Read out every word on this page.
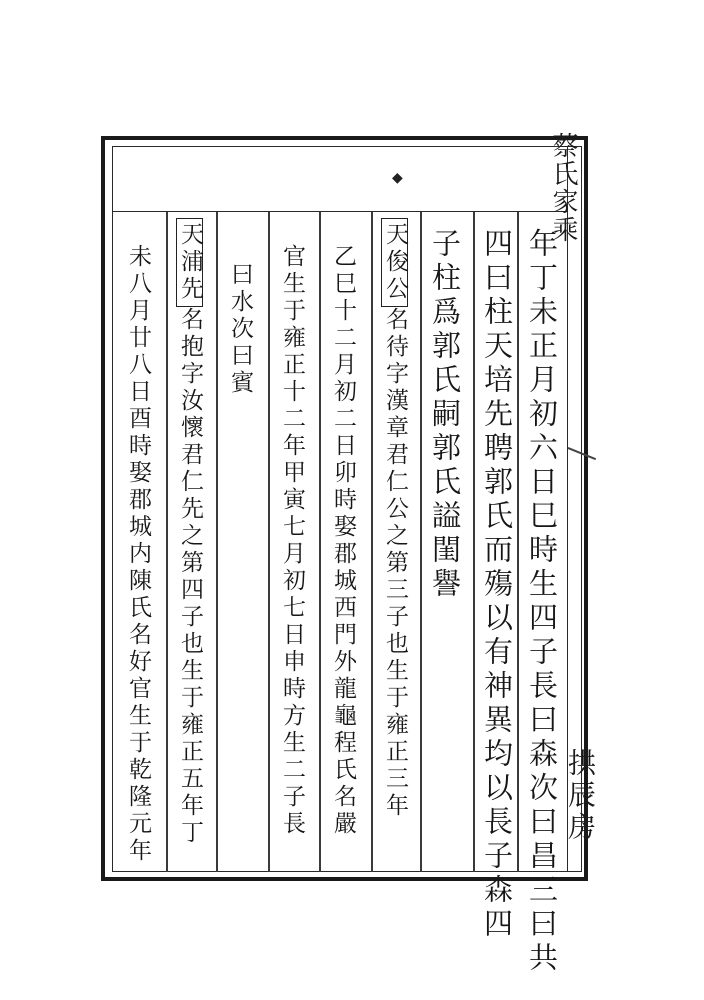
◆	蔡氏家乘
拱辰房
年丁未正月初六日巳時生四子長曰森次曰昌三曰共
四曰柱天培先聘郭氏而殤以有神異均以長子森四
子柱爲郭氏嗣郭氏謚閨譽
天俊公名待字漢章君仁公之第三子也生于雍正三年
乙巳十二月初二日卯時娶郡城西門外龍龜程氏名嚴
官生于雍正十二年甲寅七月初七日申時方生二子長
曰水次曰賓
天浦先名抱字汝懷君仁先之第四子也生于雍正五年丁
未八月廿八日酉時娶郡城内陳氏名好官生于乾隆元年
